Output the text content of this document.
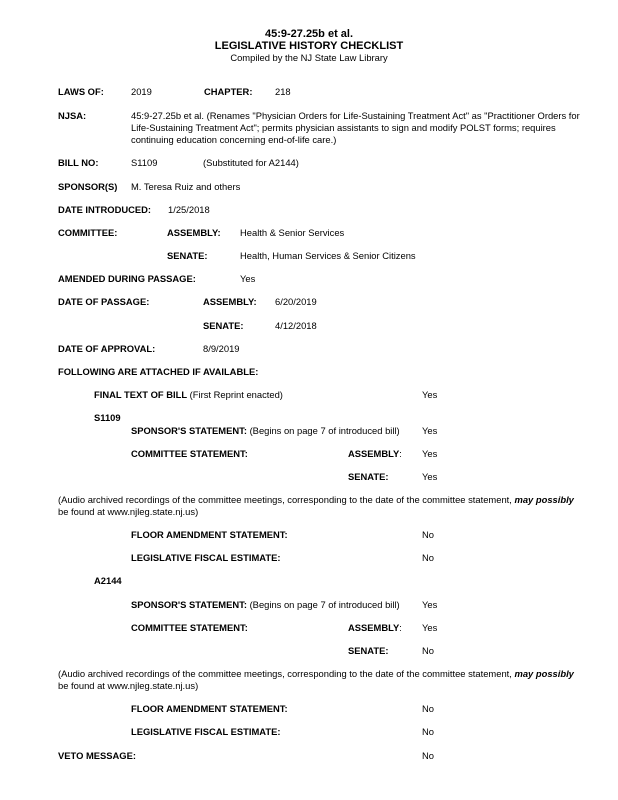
45:9-27.25b et al.
LEGISLATIVE HISTORY CHECKLIST
Compiled by the NJ State Law Library
LAWS OF:	2019	CHAPTER: 218
NJSA:	45:9-27.25b et al. (Renames "Physician Orders for Life-Sustaining Treatment Act" as "Practitioner Orders for
Life-Sustaining Treatment Act"; permits physician assistants to sign and modify POLST forms; requires
continuing education concerning end-of-life care.)
BILL NO:	S1109	(Substituted for A2144)
SPONSOR(S) M. Teresa Ruiz and others
DATE INTRODUCED: 1/25/2018
COMMITTEE:	ASSEMBLY: Health & Senior Services
SENATE:	Health, Human Services & Senior Citizens
AMENDED DURING PASSAGE:	Yes
DATE OF PASSAGE:	ASSEMBLY: 6/20/2019
SENATE:	4/12/2018
DATE OF APPROVAL:	8/9/2019
FOLLOWING ARE ATTACHED IF AVAILABLE:
FINAL TEXT OF BILL (First Reprint enacted)	Yes
S1109
SPONSOR'S STATEMENT: (Begins on page 7 of introduced bill) Yes
COMMITTEE STATEMENT:	ASSEMBLY: Yes
SENATE:	Yes
(Audio archived recordings of the committee meetings, corresponding to the date of the committee statement, may possibly
be found at www.njleg.state.nj.us)
FLOOR AMENDMENT STATEMENT:	No
LEGISLATIVE FISCAL ESTIMATE:	No
A2144
SPONSOR'S STATEMENT: (Begins on page 7 of introduced bill) Yes
COMMITTEE STATEMENT:	ASSEMBLY: Yes
SENATE:	No
(Audio archived recordings of the committee meetings, corresponding to the date of the committee statement, may possibly
be found at www.njleg.state.nj.us)
FLOOR AMENDMENT STATEMENT:	No
LEGISLATIVE FISCAL ESTIMATE:	No
VETO MESSAGE:	No
